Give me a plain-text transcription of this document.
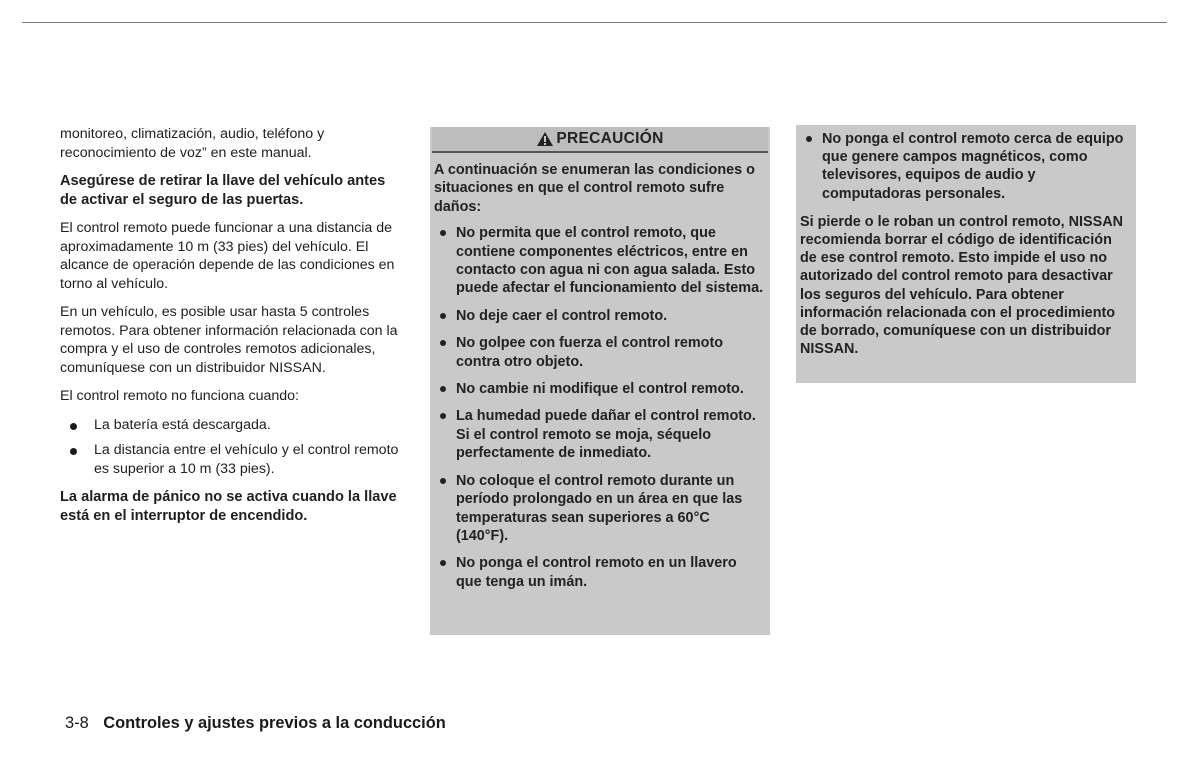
monitoreo, climatización, audio, teléfono y reconocimiento de voz” en este manual.

Asegúrese de retirar la llave del vehículo antes de activar el seguro de las puertas.

El control remoto puede funcionar a una distancia de aproximadamente 10 m (33 pies) del vehículo. El alcance de operación depende de las condiciones en torno al vehículo.

En un vehículo, es posible usar hasta 5 controles remotos. Para obtener información relacionada con la compra y el uso de controles remotos adicionales, comuníquese con un distribuidor NISSAN.

El control remoto no funciona cuando:

La batería está descargada.
La distancia entre el vehículo y el control remoto es superior a 10 m (33 pies).

La alarma de pánico no se activa cuando la llave está en el interruptor de encendido.

PRECAUCIÓN

A continuación se enumeran las condiciones o situaciones en que el control remoto sufre daños:

No permita que el control remoto, que contiene componentes eléctricos, entre en contacto con agua ni con agua salada. Esto puede afectar el funcionamiento del sistema.
No deje caer el control remoto.
No golpee con fuerza el control remoto contra otro objeto.
No cambie ni modifique el control remoto.
La humedad puede dañar el control remoto. Si el control remoto se moja, séquelo perfectamente de inmediato.
No coloque el control remoto durante un período prolongado en un área en que las temperaturas sean superiores a 60°C (140°F).
No ponga el control remoto en un llavero que tenga un imán.
No ponga el control remoto cerca de equipo que genere campos magnéticos, como televisores, equipos de audio y computadoras personales.

Si pierde o le roban un control remoto, NISSAN recomienda borrar el código de identificación de ese control remoto. Esto impide el uso no autorizado del control remoto para desactivar los seguros del vehículo. Para obtener información relacionada con el procedimiento de borrado, comuníquese con un distribuidor NISSAN.

3-8 Controles y ajustes previos a la conducción
